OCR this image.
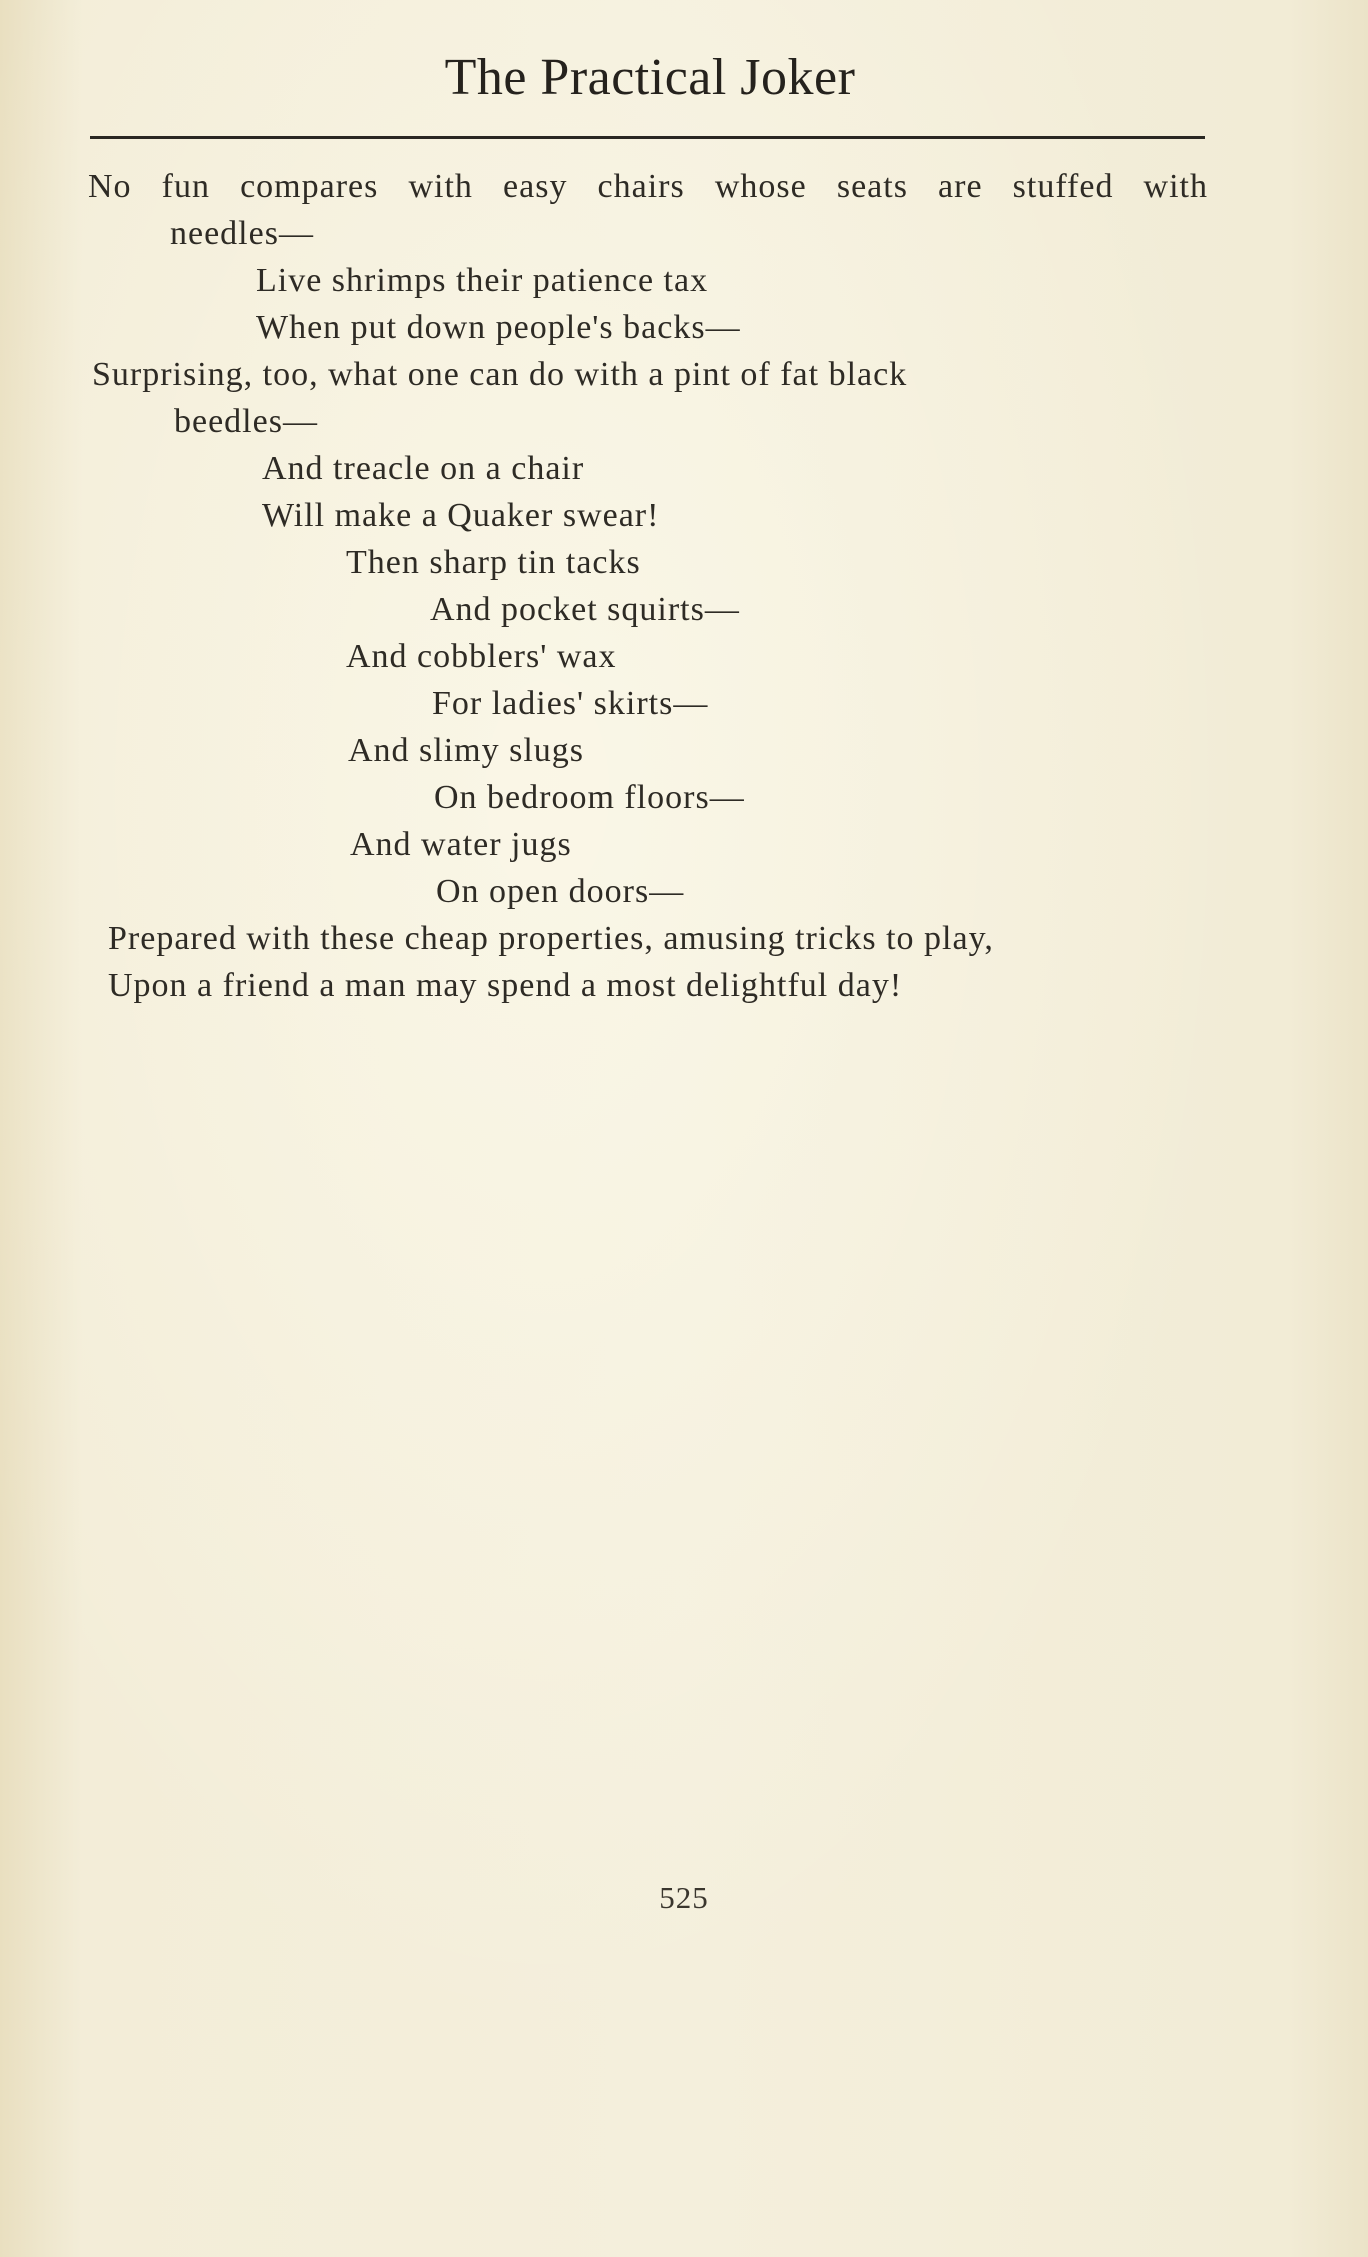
The Practical Joker
No fun compares with easy chairs whose seats are stuffed with
needles—
Live shrimps their patience tax
When put down people's backs—
Surprising, too, what one can do with a pint of fat black
beedles—
And treacle on a chair
Will make a Quaker swear!
Then sharp tin tacks
And pocket squirts—
And cobblers' wax
For ladies' skirts—
And slimy slugs
On bedroom floors—
And water jugs
On open doors—
Prepared with these cheap properties, amusing tricks to play,
Upon a friend a man may spend a most delightful day!
525
